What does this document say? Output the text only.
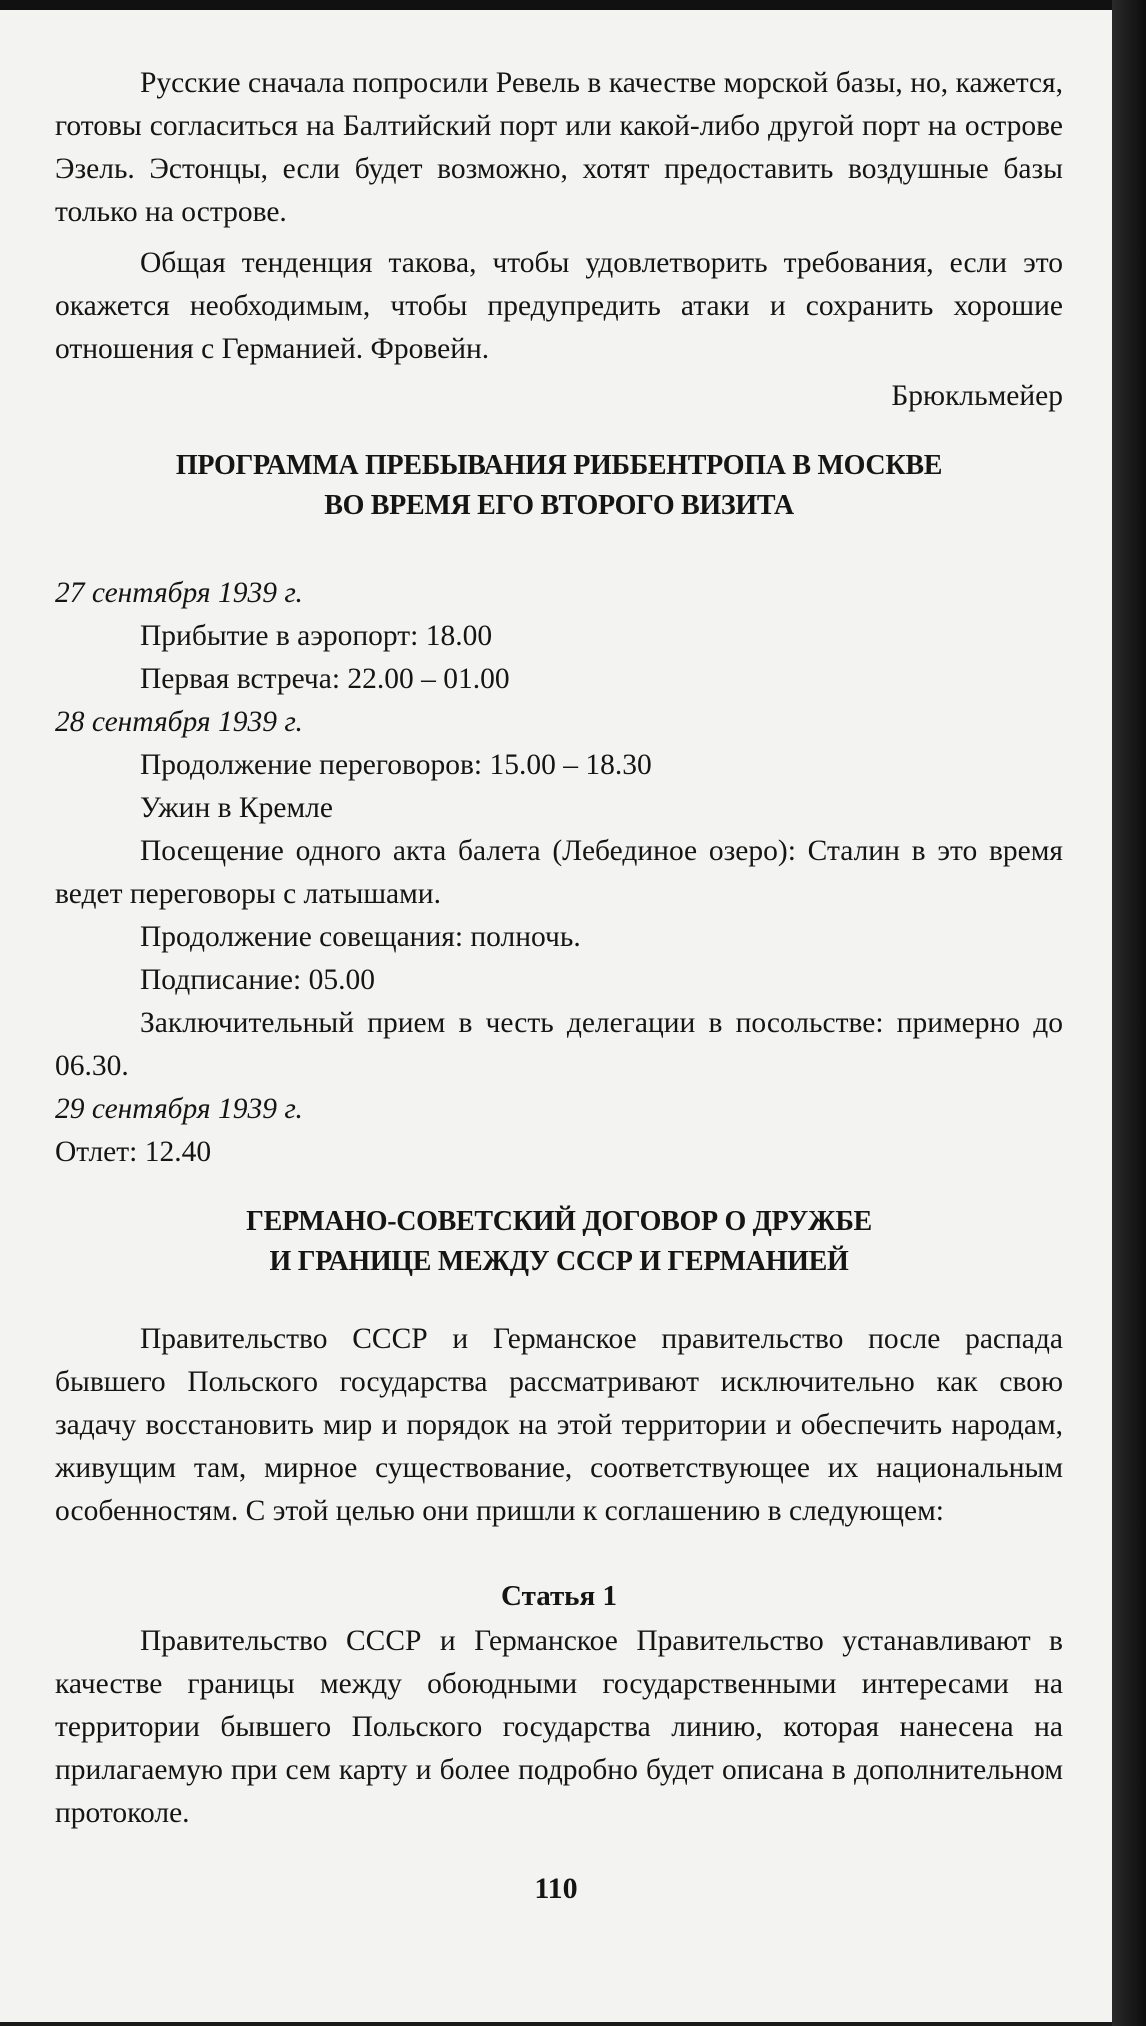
Русские сначала попросили Ревель в качестве морской базы, но, кажется, готовы согласиться на Балтийский порт или какой-либо другой порт на острове Эзель. Эстонцы, если будет возможно, хотят предоставить воздушные базы только на острове.

Общая тенденция такова, чтобы удовлетворить требования, если это окажется необходимым, чтобы предупредить атаки и сохранить хорошие отношения с Германией. Фровейн.

Брюкльмейер

ПРОГРАММА ПРЕБЫВАНИЯ РИББЕНТРОПА В МОСКВЕ
ВО ВРЕМЯ ЕГО ВТОРОГО ВИЗИТА

27 сентября 1939 г.

Прибытие в аэропорт: 18.00

Первая встреча: 22.00 – 01.00

28 сентября 1939 г.

Продолжение переговоров: 15.00 – 18.30

Ужин в Кремле

Посещение одного акта балета (Лебединое озеро): Сталин в это время ведет переговоры с латышами.

Продолжение совещания: полночь.

Подписание: 05.00

Заключительный прием в честь делегации в посольстве: примерно до 06.30.

29 сентября 1939 г.

Отлет: 12.40

ГЕРМАНО-СОВЕТСКИЙ ДОГОВОР О ДРУЖБЕ
И ГРАНИЦЕ МЕЖДУ СССР И ГЕРМАНИЕЙ

Правительство СССР и Германское правительство после распада бывшего Польского государства рассматривают исключительно как свою задачу восстановить мир и порядок на этой территории и обеспечить народам, живущим там, мирное существование, соответствующее их национальным особенностям. С этой целью они пришли к соглашению в следующем:

Статья 1

Правительство СССР и Германское Правительство устанавливают в качестве границы между обоюдными государственными интересами на территории бывшего Польского государства линию, которая нанесена на прилагаемую при сем карту и более подробно будет описана в дополнительном протоколе.

110
